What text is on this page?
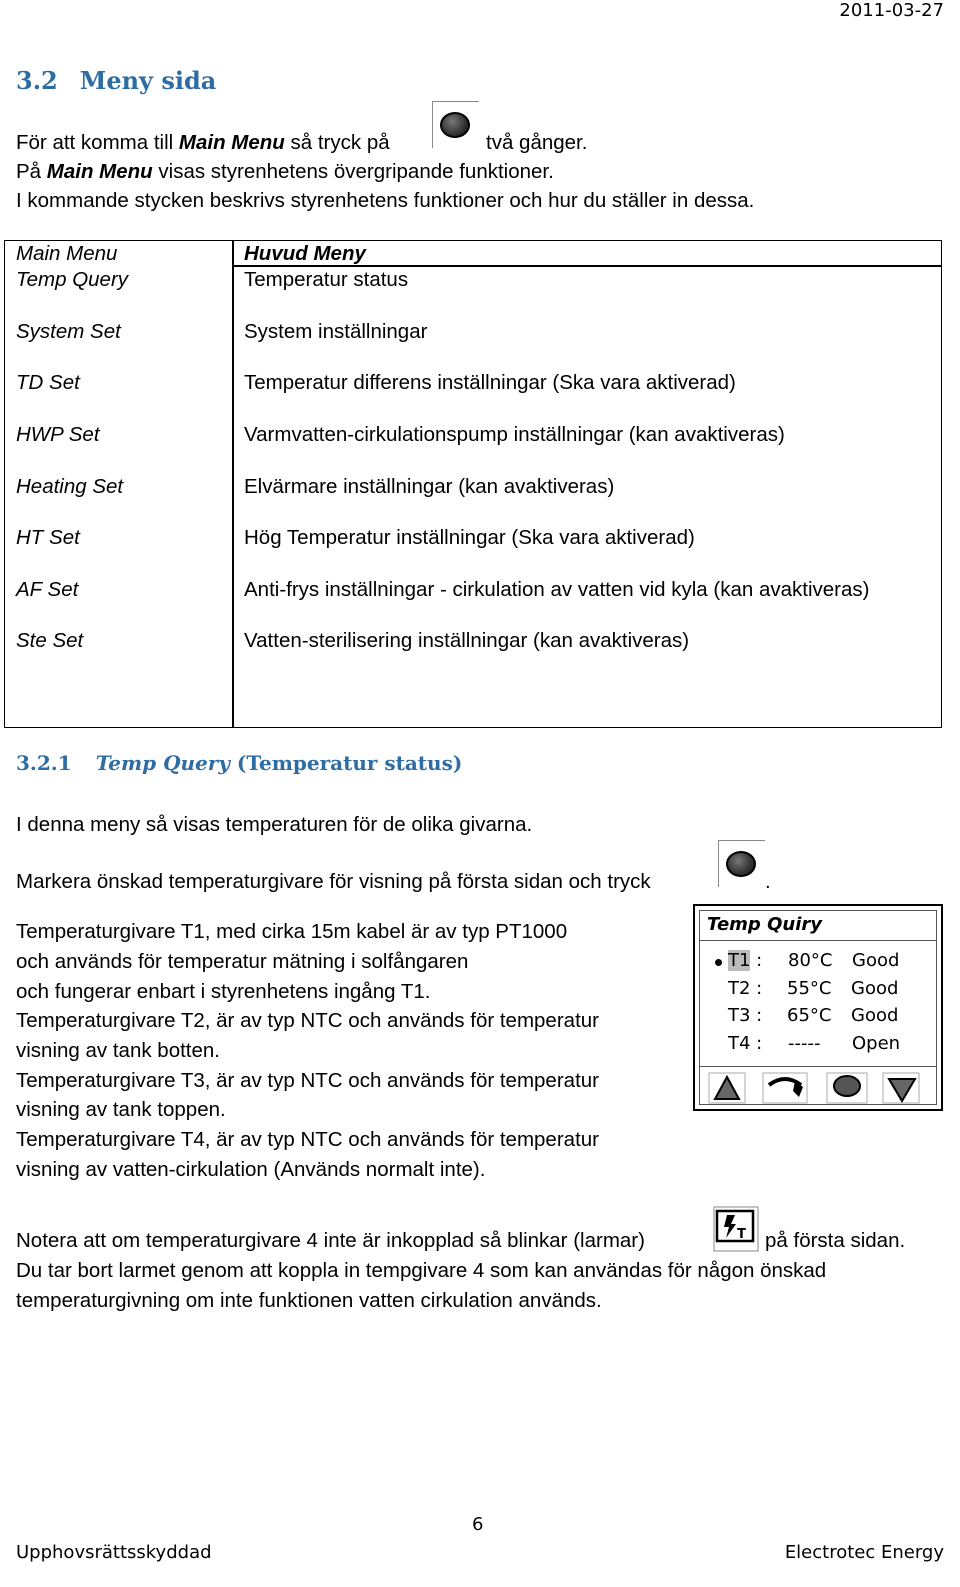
2011-03-27
3.2 Meny sida
För att komma till Main Menu så tryck på	två gånger.
På Main Menu visas styrenhetens övergripande funktioner.
I kommande stycken beskrivs styrenhetens funktioner och hur du ställer in dessa.
Main Menu	Huvud Meny
Temp Query	Temperatur status
System Set	System inställningar
TD Set	Temperatur differens inställningar (Ska vara aktiverad)
HWP Set	Varmvatten-cirkulationspump inställningar (kan avaktiveras)
Heating Set	Elvärmare inställningar (kan avaktiveras)
HT Set	Hög Temperatur inställningar (Ska vara aktiverad)
AF Set	Anti-frys inställningar - cirkulation av vatten vid kyla (kan avaktiveras)
Ste Set	Vatten-sterilisering inställningar (kan avaktiveras)
3.2.1 Temp Query (Temperatur status)
I denna meny så visas temperaturen för de olika givarna.
Markera önskad temperaturgivare för visning på första sidan och tryck	.
Temperaturgivare T1, med cirka 15m kabel är av typ PT1000
och används för temperatur mätning i solfångaren
och fungerar enbart i styrenhetens ingång T1.
Temperaturgivare T2, är av typ NTC och används för temperatur
visning av tank botten.
Temperaturgivare T3, är av typ NTC och används för temperatur
visning av tank toppen.
Temperaturgivare T4, är av typ NTC och används för temperatur
visning av vatten-cirkulation (Används normalt inte).
Temp Quiry
T1 : 80°C Good
T2 : 55°C Good
T3 : 65°C Good
T4 : ----- Open
Notera att om temperaturgivare 4 inte är inkopplad så blinkar (larmar)	T på första sidan.
Du tar bort larmet genom att koppla in tempgivare 4 som kan användas för någon önskad
temperaturgivning om inte funktionen vatten cirkulation används.
6
Upphovsrättsskyddad	Electrotec Energy
